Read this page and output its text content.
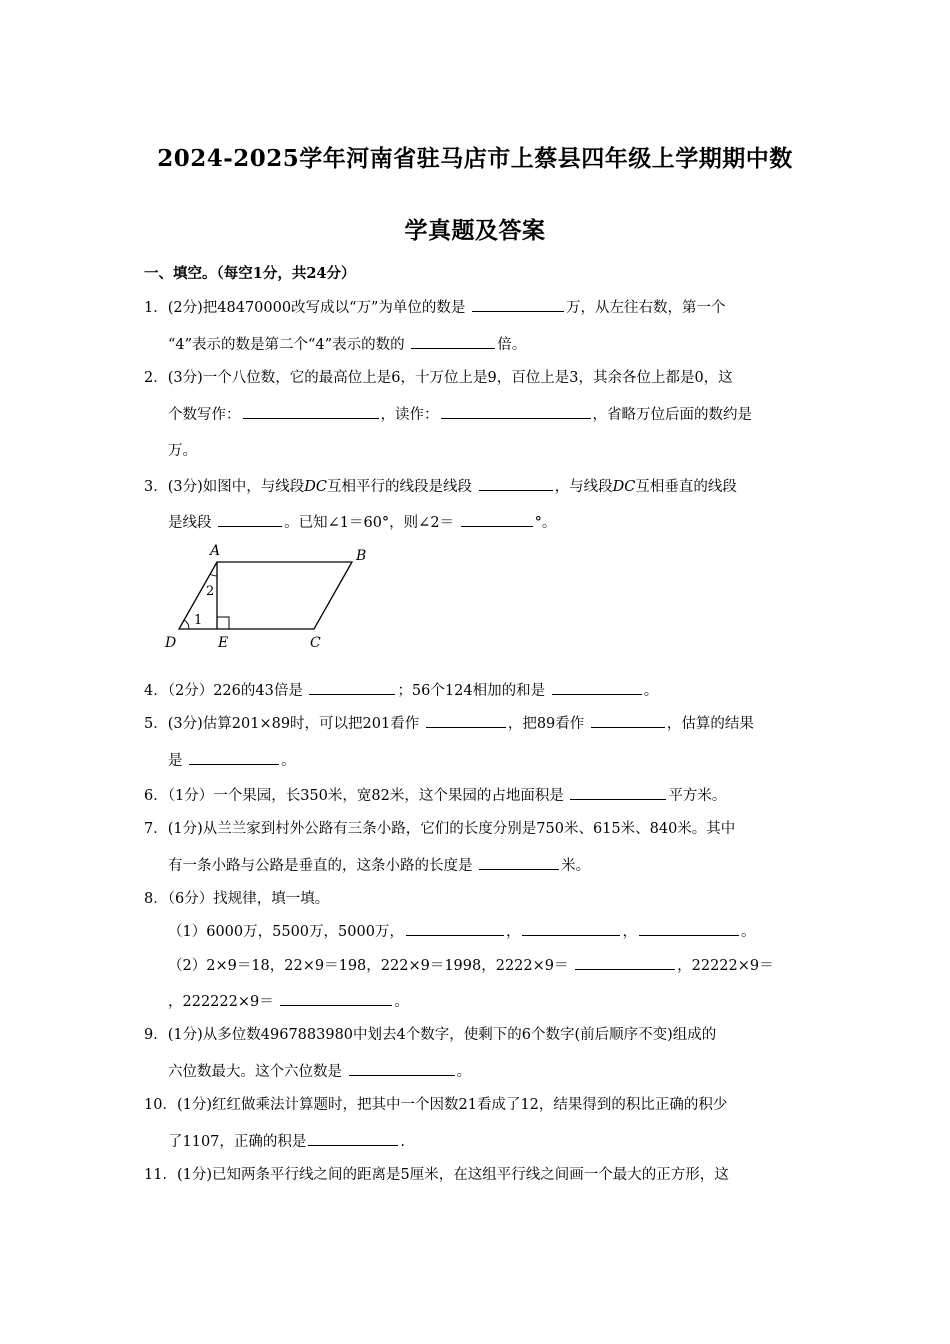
2024-2025学年河南省驻马店市上蔡县四年级上学期期中数
学真题及答案
一、填空。（每空1分，共24分）
1．(2分)把48470000改写成以“万”为单位的数是	万，从左往右数，第一个
“4”表示的数是第二个“4”表示的数的	倍。
2．(3分)一个八位数，它的最高位上是6，十万位上是9，百位上是3，其余各位上都是0，这
个数写作：	，读作：	，省略万位后面的数约是
万。
3．(3分)如图中，与线段DC互相平行的线段是线段	，与线段DC互相垂直的线段
是线段	。已知∠1＝60°，则∠2＝	°。
A	B
C
D	E
1
2
4．（2分）226的43倍是	；56个124相加的和是	。
5．(3分)估算201×89时，可以把201看作	，把89看作	，估算的结果
是	。
6．（1分）一个果园，长350米，宽82米，这个果园的占地面积是	平方米。
7．(1分)从兰兰家到村外公路有三条小路，它们的长度分别是750米、615米、840米。其中
有一条小路与公路是垂直的，这条小路的长度是	米。
8．（6分）找规律，填一填。
（1）6000万，5500万，5000万，	，	，	。
（2）2×9＝18，22×9＝198，222×9＝1998，2222×9＝	，22222×9＝
，222222×9＝	。
9．(1分)从多位数4967883980中划去4个数字，使剩下的6个数字(前后顺序不变)组成的
六位数最大。这个六位数是	。
10．(1分)红红做乘法计算题时，把其中一个因数21看成了12，结果得到的积比正确的积少
了1107，正确的积是	.
11．(1分)已知两条平行线之间的距离是5厘米，在这组平行线之间画一个最大的正方形，这
